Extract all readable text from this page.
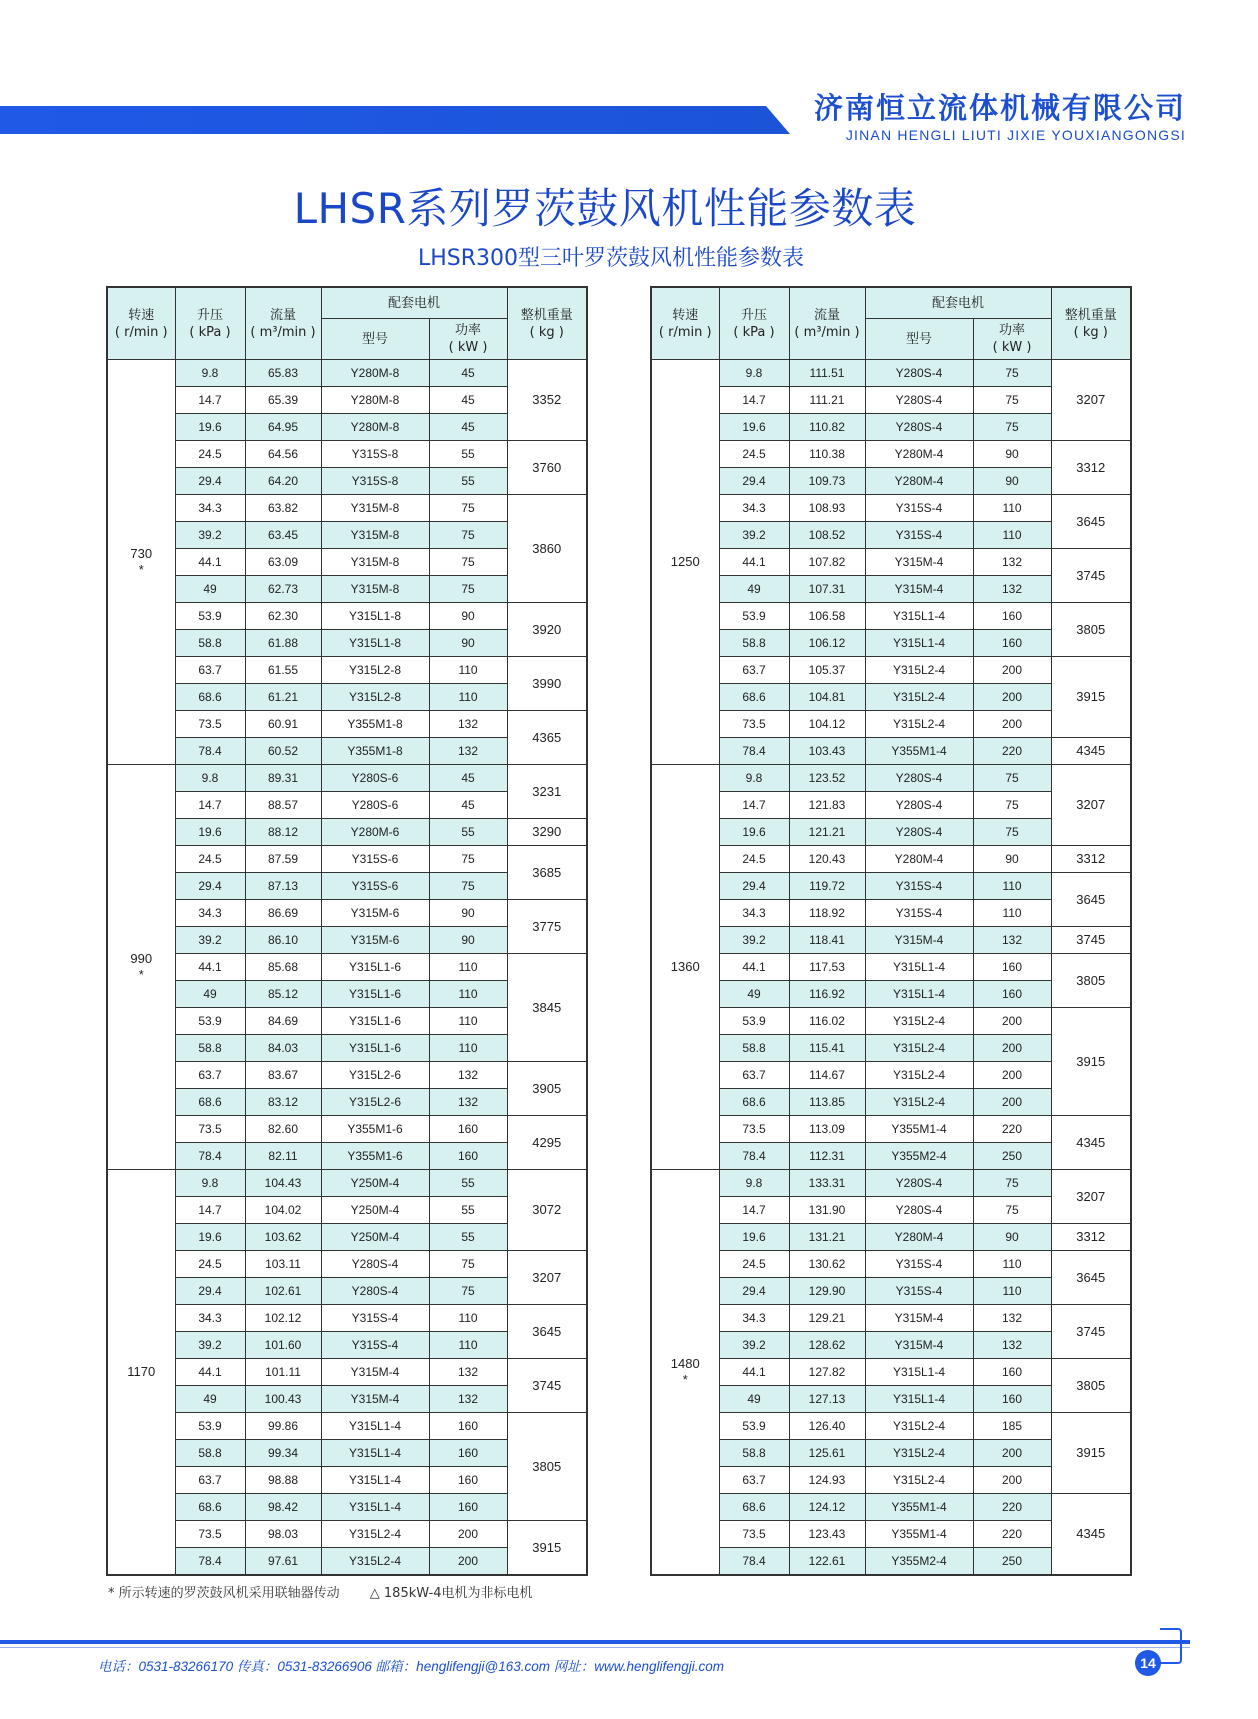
济南恒立流体机械有限公司
JINAN HENGLI LIUTI JIXIE YOUXIANGONGSI
LHSR系列罗茨鼓风机性能参数表
LHSR300型三叶罗茨鼓风机性能参数表
转速
( r/min )	升压
( kPa )	流量
( m³/min )	配套电机		整机重量
( kg )
			型号	功率
( kW )	
730
*	9.8	65.83	Y280M-8	45	3352
	14.7	65.39	Y280M-8	45	
	19.6	64.95	Y280M-8	45	
	24.5	64.56	Y315S-8	55	3760
	29.4	64.20	Y315S-8	55	
	34.3	63.82	Y315M-8	75	3860
	39.2	63.45	Y315M-8	75	
	44.1	63.09	Y315M-8	75	
	49	62.73	Y315M-8	75	
	53.9	62.30	Y315L1-8	90	3920
	58.8	61.88	Y315L1-8	90	
	63.7	61.55	Y315L2-8	110	3990
	68.6	61.21	Y315L2-8	110	
	73.5	60.91	Y355M1-8	132	4365
	78.4	60.52	Y355M1-8	132	
990
*	9.8	89.31	Y280S-6	45	3231
	14.7	88.57	Y280S-6	45	
	19.6	88.12	Y280M-6	55	3290
	24.5	87.59	Y315S-6	75	3685
	29.4	87.13	Y315S-6	75	
	34.3	86.69	Y315M-6	90	3775
	39.2	86.10	Y315M-6	90	
	44.1	85.68	Y315L1-6	110	3845
	49	85.12	Y315L1-6	110	
	53.9	84.69	Y315L1-6	110	
	58.8	84.03	Y315L1-6	110	
	63.7	83.67	Y315L2-6	132	3905
	68.6	83.12	Y315L2-6	132	
	73.5	82.60	Y355M1-6	160	4295
	78.4	82.11	Y355M1-6	160	
1170	9.8	104.43	Y250M-4	55	3072
	14.7	104.02	Y250M-4	55	
	19.6	103.62	Y250M-4	55	
	24.5	103.11	Y280S-4	75	3207
	29.4	102.61	Y280S-4	75	
	34.3	102.12	Y315S-4	110	3645
	39.2	101.60	Y315S-4	110	
	44.1	101.11	Y315M-4	132	3745
	49	100.43	Y315M-4	132	
	53.9	99.86	Y315L1-4	160	3805
	58.8	99.34	Y315L1-4	160	
	63.7	98.88	Y315L1-4	160	
	68.6	98.42	Y315L1-4	160	
	73.5	98.03	Y315L2-4	200	3915
	78.4	97.61	Y315L2-4	200	
转速
( r/min )	升压
( kPa )	流量
( m³/min )	配套电机		整机重量
( kg )
			型号	功率
( kW )	
1250	9.8	111.51	Y280S-4	75	3207
	14.7	111.21	Y280S-4	75	
	19.6	110.82	Y280S-4	75	
	24.5	110.38	Y280M-4	90	3312
	29.4	109.73	Y280M-4	90	
	34.3	108.93	Y315S-4	110	3645
	39.2	108.52	Y315S-4	110	
	44.1	107.82	Y315M-4	132	3745
	49	107.31	Y315M-4	132	
	53.9	106.58	Y315L1-4	160	3805
	58.8	106.12	Y315L1-4	160	
	63.7	105.37	Y315L2-4	200	3915
	68.6	104.81	Y315L2-4	200	
	73.5	104.12	Y315L2-4	200	
	78.4	103.43	Y355M1-4	220	4345
1360	9.8	123.52	Y280S-4	75	3207
	14.7	121.83	Y280S-4	75	
	19.6	121.21	Y280S-4	75	
	24.5	120.43	Y280M-4	90	3312
	29.4	119.72	Y315S-4	110	3645
	34.3	118.92	Y315S-4	110	
	39.2	118.41	Y315M-4	132	3745
	44.1	117.53	Y315L1-4	160	3805
	49	116.92	Y315L1-4	160	
	53.9	116.02	Y315L2-4	200	3915
	58.8	115.41	Y315L2-4	200	
	63.7	114.67	Y315L2-4	200	
	68.6	113.85	Y315L2-4	200	
	73.5	113.09	Y355M1-4	220	4345
	78.4	112.31	Y355M2-4	250	
1480
*	9.8	133.31	Y280S-4	75	3207
	14.7	131.90	Y280S-4	75	
	19.6	131.21	Y280M-4	90	3312
	24.5	130.62	Y315S-4	110	3645
	29.4	129.90	Y315S-4	110	
	34.3	129.21	Y315M-4	132	3745
	39.2	128.62	Y315M-4	132	
	44.1	127.82	Y315L1-4	160	3805
	49	127.13	Y315L1-4	160	
	53.9	126.40	Y315L2-4	185	3915
	58.8	125.61	Y315L2-4	200	
	63.7	124.93	Y315L2-4	200	
	68.6	124.12	Y355M1-4	220	4345
	73.5	123.43	Y355M1-4	220	
	78.4	122.61	Y355M2-4	250	
* 所示转速的罗茨鼓风机采用联轴器传动 △ 185kW-4电机为非标电机
电话：0531-83266170 传真：0531-83266906 邮箱：henglifengji@163.com 网址：www.henglifengji.com	14
